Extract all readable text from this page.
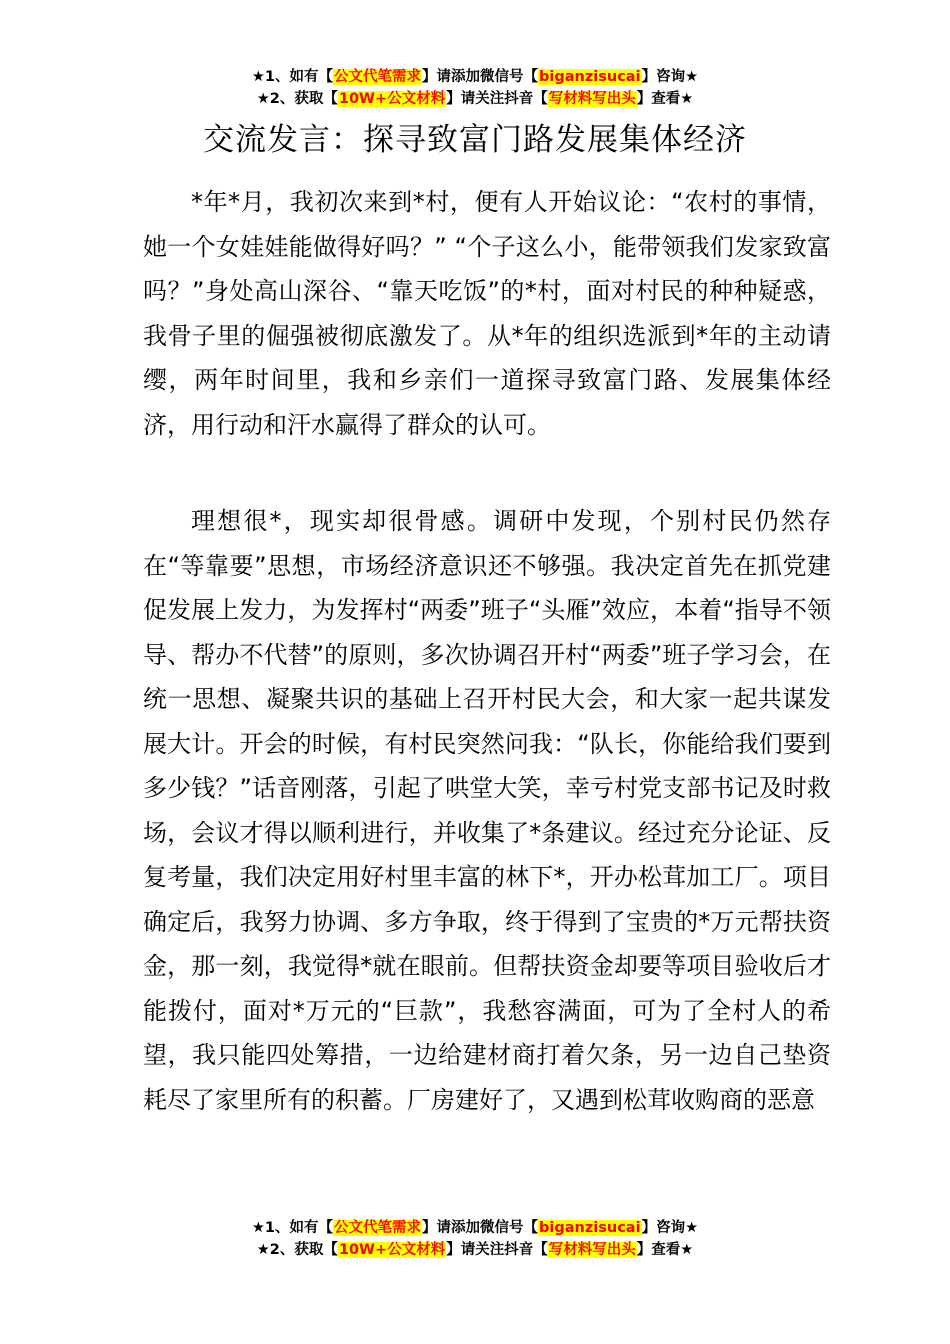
★1、如有【公文代笔需求】请添加微信号【biganzisucai】咨询★
★2、获取【10W+公文材料】请关注抖音【写材料写出头】查看★
交流发言：探寻致富门路发展集体经济

*年*月，我初次来到*村，便有人开始议论：“农村的事情，她一个女娃娃能做得好吗？” “个子这么小，能带领我们发家致富吗？”身处高山深谷、“靠天吃饭”的*村，面对村民的种种疑惑，我骨子里的倔强被彻底激发了。从*年的组织选派到*年的主动请缨，两年时间里，我和乡亲们一道探寻致富门路、发展集体经济，用行动和汗水赢得了群众的认可。

理想很*，现实却很骨感。调研中发现，个别村民仍然存在“等靠要”思想，市场经济意识还不够强。我决定首先在抓党建促发展上发力，为发挥村“两委”班子“头雁”效应，本着“指导不领导、帮办不代替”的原则，多次协调召开村“两委”班子学习会，在统一思想、凝聚共识的基础上召开村民大会，和大家一起共谋发展大计。开会的时候，有村民突然问我：“队长，你能给我们要到多少钱？”话音刚落，引起了哄堂大笑，幸亏村党支部书记及时救场，会议才得以顺利进行，并收集了*条建议。经过充分论证、反复考量，我们决定用好村里丰富的林下*，开办松茸加工厂。项目确定后，我努力协调、多方争取，终于得到了宝贵的*万元帮扶资金，那一刻，我觉得*就在眼前。但帮扶资金却要等项目验收后才能拨付，面对*万元的“巨款”，我愁容满面，可为了全村人的希望，我只能四处筹措，一边给建材商打着欠条，另一边自己垫资耗尽了家里所有的积蓄。厂房建好了，又遇到松茸收购商的恶意

★1、如有【公文代笔需求】请添加微信号【biganzisucai】咨询★
★2、获取【10W+公文材料】请关注抖音【写材料写出头】查看★
